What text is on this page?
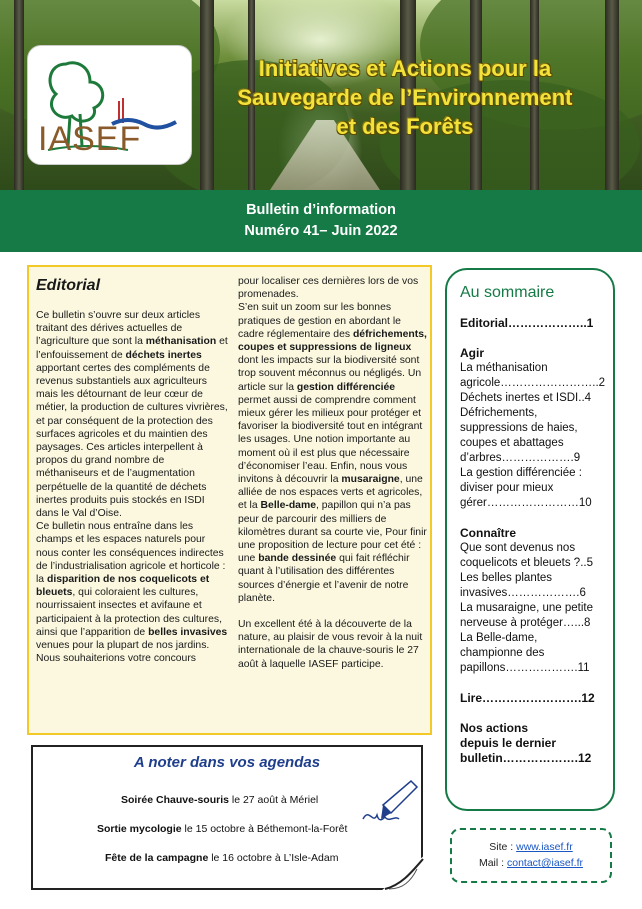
IASEF
Initiatives et Actions pour la
Sauvegarde de l’Environnement
et des Forêts
Bulletin d’information
Numéro 41– Juin 2022
Editorial

Ce bulletin s’ouvre sur deux articles traitant des dérives actuelles de l’agriculture que sont la méthanisation et l’enfouissement de déchets inertes apportant certes des compléments de revenus substantiels aux agriculteurs mais les détournant de leur cœur de métier, la production de cultures vivrières, et par conséquent de la protection des surfaces agricoles et du maintien des paysages. Ces articles interpellent à propos du grand nombre de méthaniseurs et de l’augmentation perpétuelle de la quantité de déchets inertes produits puis stockés en ISDI dans le Val d’Oise.

Ce bulletin nous entraîne dans les champs et les espaces naturels pour nous conter les conséquences indirectes de l’industrialisation agricole et horticole : la disparition de nos coquelicots et bleuets, qui coloraient les cultures, nourrissaient insectes et avifaune et participaient à la protection des cultures, ainsi que l’apparition de belles invasives venues pour la plupart de nos jardins. Nous souhaiterions votre concours

pour localiser ces dernières lors de vos promenades.

S’en suit un zoom sur les bonnes pratiques de gestion en abordant le cadre réglementaire des défrichements, coupes et suppressions de ligneux dont les impacts sur la biodiversité sont trop souvent méconnus ou négligés. Un article sur la gestion différenciée permet aussi de comprendre comment mieux gérer les milieux pour protéger et favoriser la biodiversité tout en intégrant les usages. Une notion importante au moment où il est plus que nécessaire d’économiser l’eau. Enfin, nous vous invitons à découvrir la musaraigne, une alliée de nos espaces verts et agricoles, et la Belle-dame, papillon qui n’a pas peur de parcourir des milliers de kilomètres durant sa courte vie, Pour finir une proposition de lecture pour cet été : une bande dessinée qui fait réfléchir quant à l’utilisation des différentes sources d’énergie et l’avenir de notre planète.

Un excellent été à la découverte de la nature, au plaisir de vous revoir à la nuit internationale de la chauve-souris le 27 août à laquelle IASEF participe.

Au sommaire
Editorial………………..1
Agir
La méthanisation
agricole……………………..2
Déchets inertes et ISDI..4
Défrichements,
suppressions de haies,
coupes et abattages
d’arbres……………….9
La gestion différenciée :
diviser pour mieux
gérer……………………10
Connaître
Que sont devenus nos
coquelicots et bleuets ?..5
Les belles plantes
invasives……………….6
La musaraigne, une petite
nerveuse à protéger…...8
La Belle-dame,
championne des
papillons……………….11
Lire…………………….12
Nos actions
depuis le dernier
bulletin……………….12
A noter dans vos agendas
Soirée Chauve-souris le 27 août à Mériel
Sortie mycologie le 15 octobre à Béthemont-la-Forêt
Fête de la campagne le 16 octobre à L’Isle-Adam
Site : www.iasef.fr
Mail : contact@iasef.fr
